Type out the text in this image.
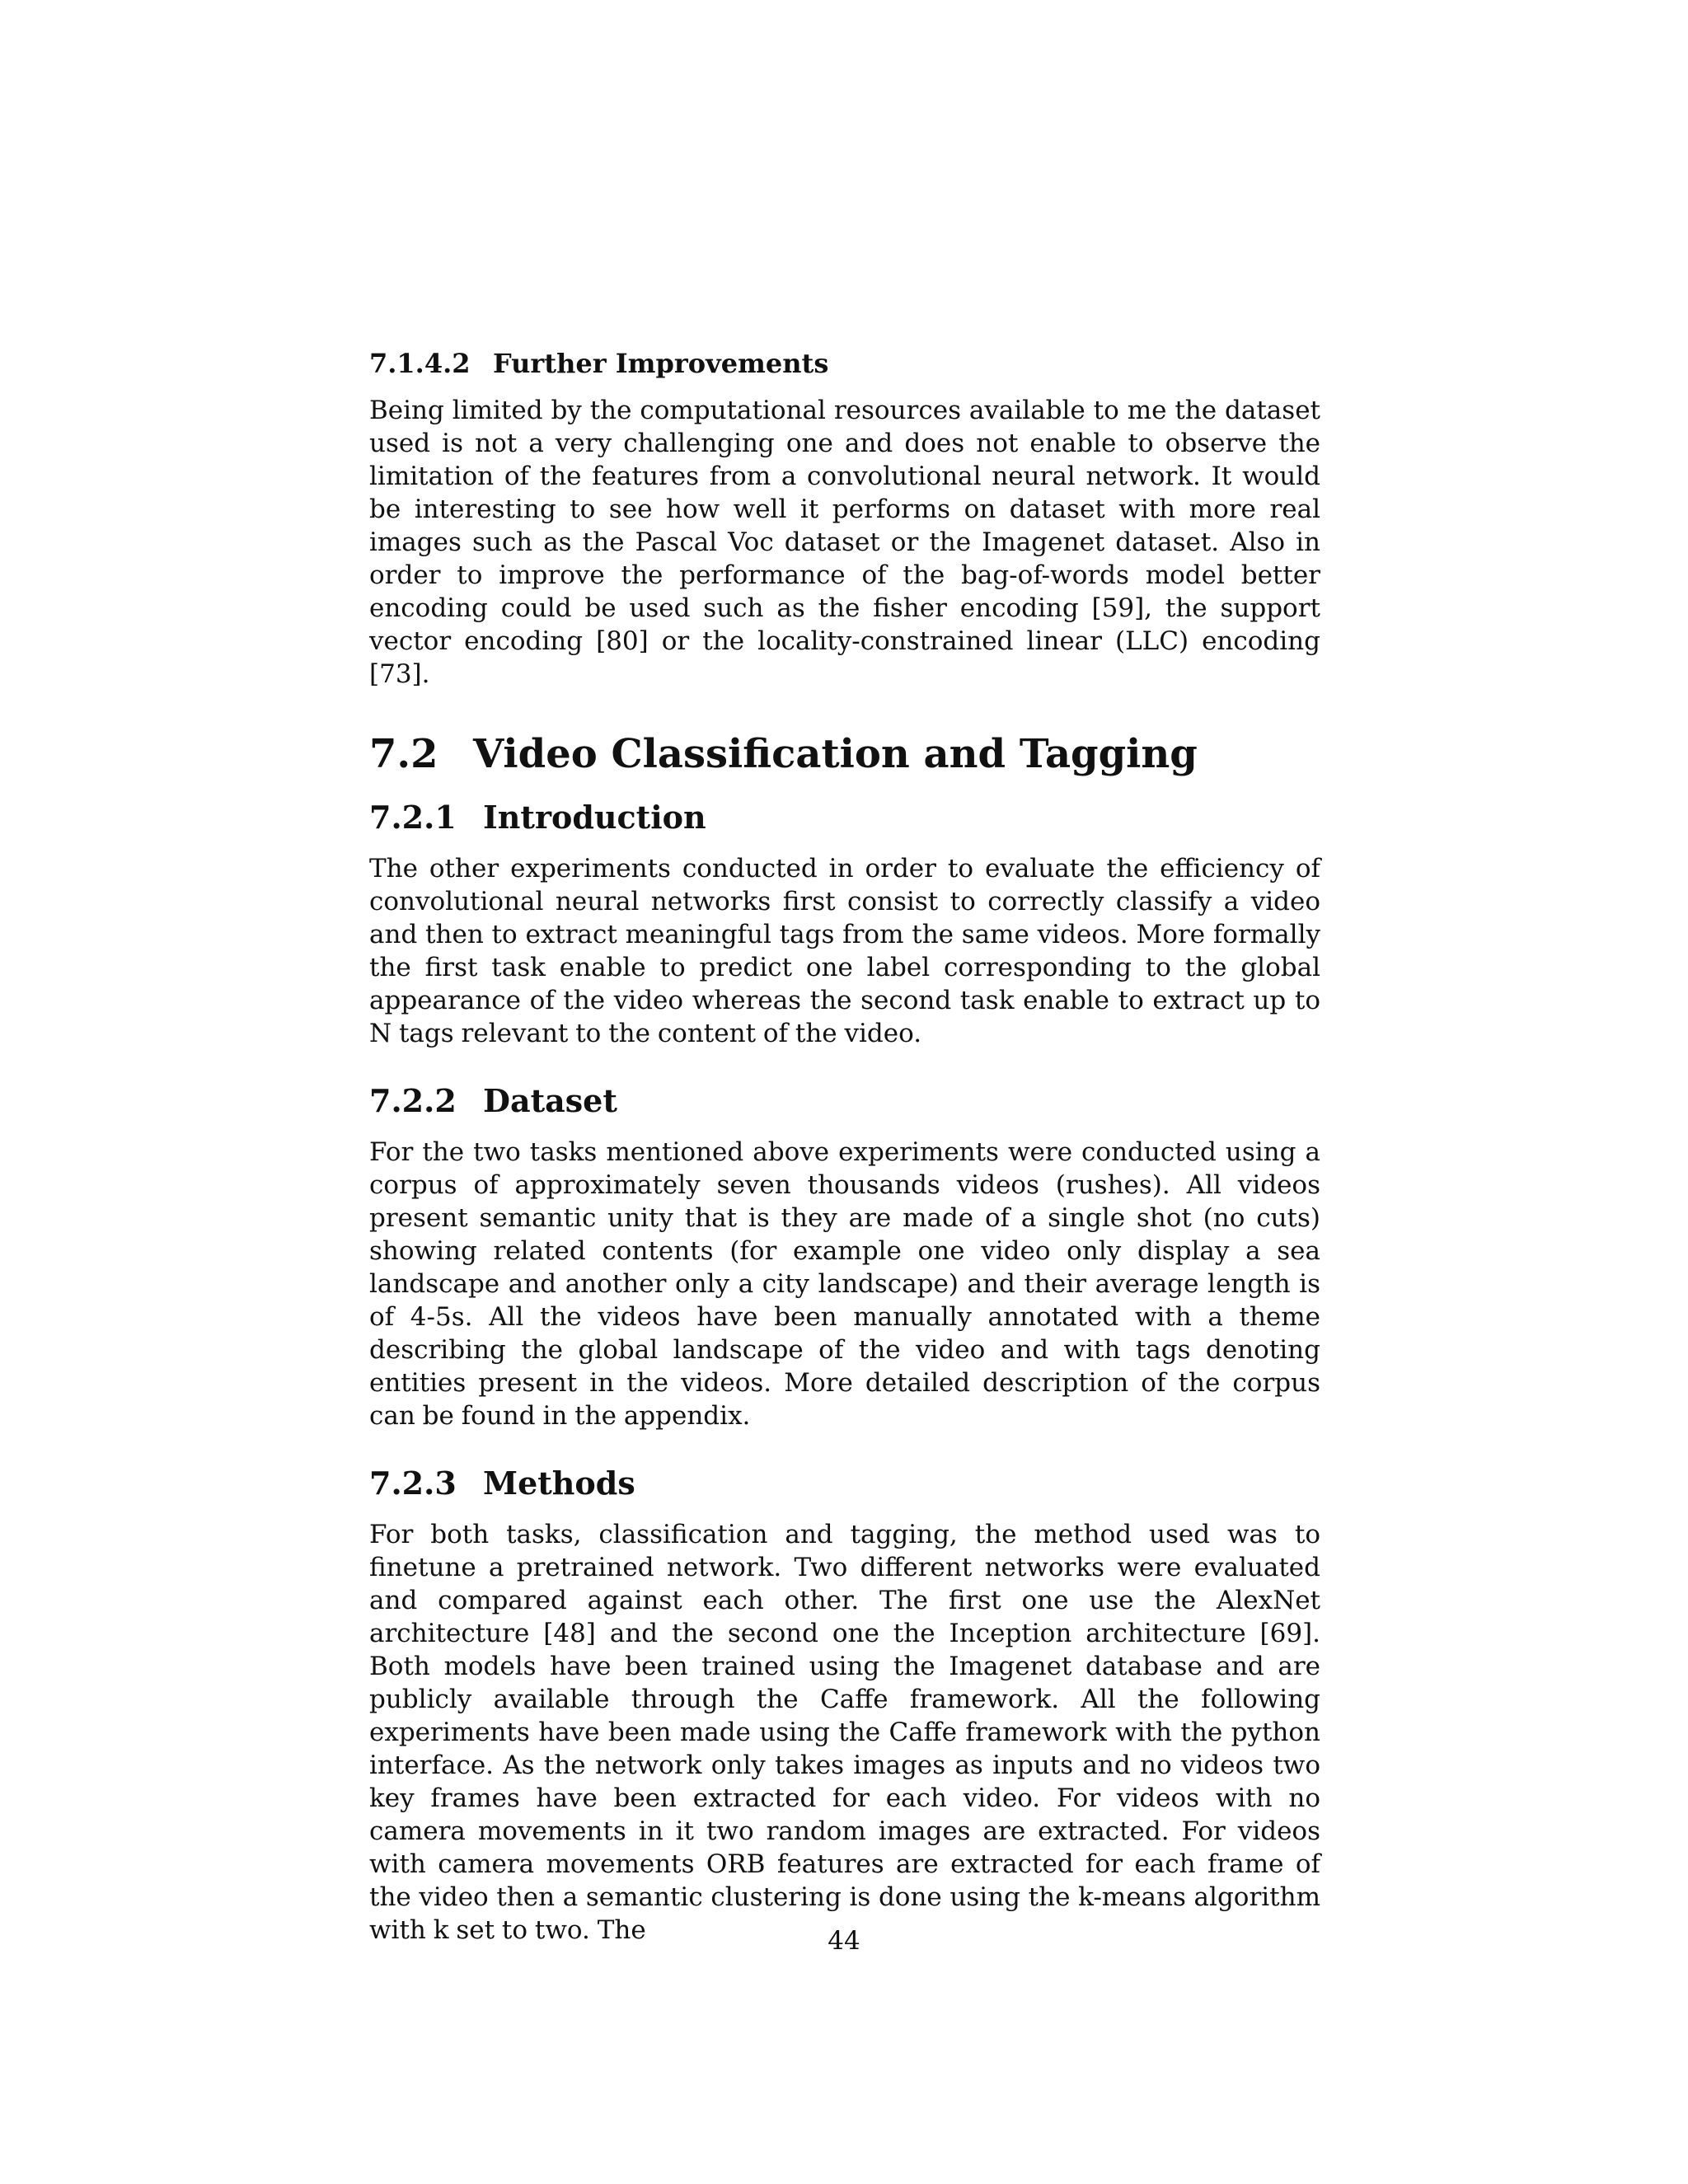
7.1.4.2 Further Improvements

Being limited by the computational resources available to me the dataset used is not a very challenging one and does not enable to observe the limitation of the features from a convolutional neural network. It would be interesting to see how well it performs on dataset with more real images such as the Pascal Voc dataset or the Imagenet dataset. Also in order to improve the performance of the bag-of-words model better encoding could be used such as the fisher encoding [59], the support vector encoding [80] or the locality-constrained linear (LLC) encoding [73].

7.2 Video Classification and Tagging
7.2.1 Introduction

The other experiments conducted in order to evaluate the efficiency of convolutional neural networks first consist to correctly classify a video and then to extract meaningful tags from the same videos. More formally the first task enable to predict one label corresponding to the global appearance of the video whereas the second task enable to extract up to N tags relevant to the content of the video.

7.2.2 Dataset

For the two tasks mentioned above experiments were conducted using a corpus of approximately seven thousands videos (rushes). All videos present semantic unity that is they are made of a single shot (no cuts) showing related contents (for example one video only display a sea landscape and another only a city landscape) and their average length is of 4-5s. All the videos have been manually annotated with a theme describing the global landscape of the video and with tags denoting entities present in the videos. More detailed description of the corpus can be found in the appendix.

7.2.3 Methods

For both tasks, classification and tagging, the method used was to finetune a pretrained network. Two different networks were evaluated and compared against each other. The first one use the AlexNet architecture [48] and the second one the Inception architecture [69]. Both models have been trained using the Imagenet database and are publicly available through the Caffe framework. All the following experiments have been made using the Caffe framework with the python interface. As the network only takes images as inputs and no videos two key frames have been extracted for each video. For videos with no camera movements in it two random images are extracted. For videos with camera movements ORB features are extracted for each frame of the video then a semantic clustering is done using the k-means algorithm with k set to two. The	44
